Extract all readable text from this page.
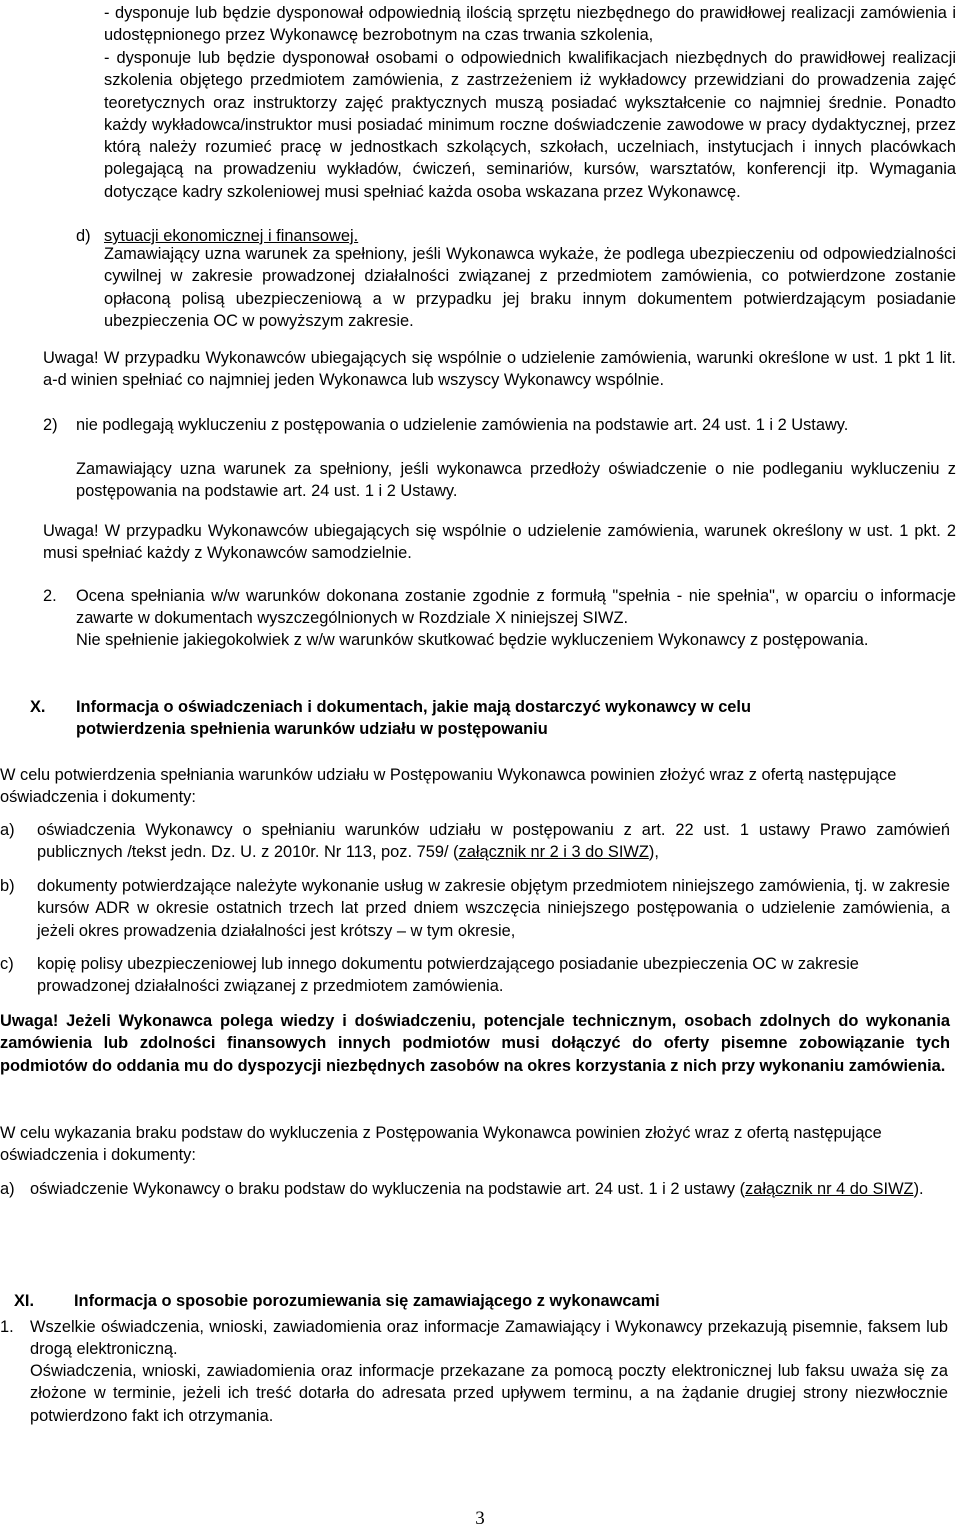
- dysponuje lub będzie dysponował odpowiednią ilością sprzętu niezbędnego do prawidłowej realizacji zamówienia i udostępnionego przez Wykonawcę bezrobotnym na czas trwania szkolenia,

- dysponuje lub będzie dysponował osobami o odpowiednich kwalifikacjach niezbędnych do prawidłowej realizacji szkolenia objętego przedmiotem zamówienia, z zastrzeżeniem iż wykładowcy przewidziani do prowadzenia zajęć teoretycznych oraz instruktorzy zajęć praktycznych muszą posiadać wykształcenie co najmniej średnie. Ponadto każdy wykładowca/instruktor musi posiadać minimum roczne doświadczenie zawodowe w pracy dydaktycznej, przez którą należy rozumieć pracę w jednostkach szkolących, szkołach, uczelniach, instytucjach i innych placówkach polegającą na prowadzeniu wykładów, ćwiczeń, seminariów, kursów, warsztatów, konferencji itp. Wymagania dotyczące kadry szkoleniowej musi spełniać każda osoba wskazana przez Wykonawcę.

d) sytuacji ekonomicznej i finansowej.

Zamawiający uzna warunek za spełniony, jeśli Wykonawca wykaże, że podlega ubezpieczeniu od odpowiedzialności cywilnej w zakresie prowadzonej działalności związanej z przedmiotem zamówienia, co potwierdzone zostanie opłaconą polisą ubezpieczeniową a w przypadku jej braku innym dokumentem potwierdzającym posiadanie ubezpieczenia OC w powyższym zakresie.

Uwaga! W przypadku Wykonawców ubiegających się wspólnie o udzielenie zamówienia, warunki określone w ust. 1 pkt 1 lit. a-d winien spełniać co najmniej jeden Wykonawca lub wszyscy Wykonawcy wspólnie.

2) nie podlegają wykluczeniu z postępowania o udzielenie zamówienia na podstawie art. 24 ust. 1 i 2 Ustawy.

Zamawiający uzna warunek za spełniony, jeśli wykonawca przedłoży oświadczenie o nie podleganiu wykluczeniu z postępowania na podstawie art. 24 ust. 1 i 2 Ustawy.

Uwaga! W przypadku Wykonawców ubiegających się wspólnie o udzielenie zamówienia, warunek określony w ust. 1 pkt. 2 musi spełniać każdy z Wykonawców samodzielnie.

2. Ocena spełniania w/w warunków dokonana zostanie zgodnie z formułą "spełnia - nie spełnia", w oparciu o informacje zawarte w dokumentach wyszczególnionych w Rozdziale X niniejszej SIWZ.

Nie spełnienie jakiegokolwiek z w/w warunków skutkować będzie wykluczeniem Wykonawcy z postępowania.

X. Informacja o oświadczeniach i dokumentach, jakie mają dostarczyć wykonawcy w celu potwierdzenia spełnienia warunków udziału w postępowaniu

W celu potwierdzenia spełniania warunków udziału w Postępowaniu Wykonawca powinien złożyć wraz z ofertą następujące oświadczenia i dokumenty:

a) oświadczenia Wykonawcy o spełnianiu warunków udziału w postępowaniu z art. 22 ust. 1 ustawy Prawo zamówień publicznych /tekst jedn. Dz. U. z 2010r. Nr 113, poz. 759/ (załącznik nr 2 i 3 do SIWZ),

b) dokumenty potwierdzające należyte wykonanie usług w zakresie objętym przedmiotem niniejszego zamówienia, tj. w zakresie kursów ADR w okresie ostatnich trzech lat przed dniem wszczęcia niniejszego postępowania o udzielenie zamówienia, a jeżeli okres prowadzenia działalności jest krótszy – w tym okresie,

c) kopię polisy ubezpieczeniowej lub innego dokumentu potwierdzającego posiadanie ubezpieczenia OC w zakresie prowadzonej działalności związanej z przedmiotem zamówienia.

Uwaga! Jeżeli Wykonawca polega wiedzy i doświadczeniu, potencjale technicznym, osobach zdolnych do wykonania zamówienia lub zdolności finansowych innych podmiotów musi dołączyć do oferty pisemne zobowiązanie tych podmiotów do oddania mu do dyspozycji niezbędnych zasobów na okres korzystania z nich przy wykonaniu zamówienia.

W celu wykazania braku podstaw do wykluczenia z Postępowania Wykonawca powinien złożyć wraz z ofertą następujące oświadczenia i dokumenty:

a) oświadczenie Wykonawcy o braku podstaw do wykluczenia na podstawie art. 24 ust. 1 i 2 ustawy (załącznik nr 4 do SIWZ).

XI. Informacja o sposobie porozumiewania się zamawiającego z wykonawcami

1. Wszelkie oświadczenia, wnioski, zawiadomienia oraz informacje Zamawiający i Wykonawcy przekazują pisemnie, faksem lub drogą elektroniczną.

Oświadczenia, wnioski, zawiadomienia oraz informacje przekazane za pomocą poczty elektronicznej lub faksu uważa się za złożone w terminie, jeżeli ich treść dotarła do adresata przed upływem terminu, a na żądanie drugiej strony niezwłocznie potwierdzono fakt ich otrzymania.

3
